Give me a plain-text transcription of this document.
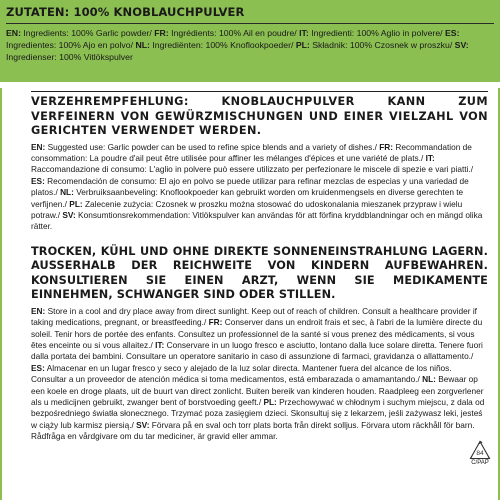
ZUTATEN: 100% KNOBLAUCHPULVER
EN: Ingredients: 100% Garlic powder/ FR: Ingrédients: 100% Ail en poudre/ IT: Ingredienti: 100% Aglio in polvere/ ES: Ingredientes: 100% Ajo en polvo/ NL: Ingrediënten: 100% Knoflookpoeder/ PL: Składnik: 100% Czosnek w proszku/ SV: Ingredienser: 100% Vitlökspulver
VERZEHREMPFEHLUNG: KNOBLAUCHPULVER KANN ZUM VERFEINERN VON GEWÜRZMISCHUNGEN UND EINER VIELZAHL VON GERICHTEN VERWENDET WERDEN.
EN: Suggested use: Garlic powder can be used to refine spice blends and a variety of dishes./ FR: Recommandation de consommation: La poudre d'ail peut être utilisée pour affiner les mélanges d'épices et une variété de plats./ IT: Raccomandazione di consumo: L'aglio in polvere può essere utilizzato per perfezionare le miscele di spezie e vari piatti./ ES: Recomendación de consumo: El ajo en polvo se puede utilizar para refinar mezclas de especias y una variedad de platos./ NL: Verbruiksaanbeveling: Knoflookpoeder kan gebruikt worden om kruidenmengsels en diverse gerechten te verfijnen./ PL: Zalecenie zużycia: Czosnek w proszku można stosować do udoskonalania mieszanek przypraw i wielu potraw./ SV: Konsumtionsrekommendation: Vitlökspulver kan användas för att förfina kryddblandningar och en mängd olika rätter.
TROCKEN, KÜHL UND OHNE DIREKTE SONNENEINSTRAHLUNG LAGERN. AUSSERHALB DER REICHWEITE VON KINDERN AUFBEWAHREN. KONSULTIEREN SIE EINEN ARZT, WENN SIE MEDIKAMENTE EINNEHMEN, SCHWANGER SIND ODER STILLEN.
EN: Store in a cool and dry place away from direct sunlight. Keep out of reach of children. Consult a healthcare provider if taking medications, pregnant, or breastfeeding./ FR: Conserver dans un endroit frais et sec, à l'abri de la lumière directe du soleil. Tenir hors de portée des enfants. Consultez un professionnel de la santé si vous prenez des médicaments, si vous êtes enceinte ou si vous allaitez./ IT: Conservare in un luogo fresco e asciutto, lontano dalla luce solare diretta. Tenere fuori dalla portata dei bambini. Consultare un operatore sanitario in caso di assunzione di farmaci, gravidanza o allattamento./ ES: Almacenar en un lugar fresco y seco y alejado de la luz solar directa. Mantener fuera del alcance de los niños. Consultar a un proveedor de atención médica si toma medicamentos, está embarazada o amamantando./ NL: Bewaar op een koele en droge plaats, uit de buurt van direct zonlicht. Buiten bereik van kinderen houden. Raadpleeg een zorgverlener als u medicijnen gebruikt, zwanger bent of borstvoeding geeft./ PL: Przechowywać w chłodnym i suchym miejscu, z dala od bezpośredniego światła słonecznego. Trzymać poza zasięgiem dzieci. Skonsultuj się z lekarzem, jeśli zażywasz leki, jesteś w ciąży lub karmisz piersią./ SV: Förvara på en sval och torr plats borta från direkt solljus. Förvara utom räckhåll för barn. Rådfråga en vårdgivare om du tar mediciner, är gravid eller ammar.
84
C/PAP
